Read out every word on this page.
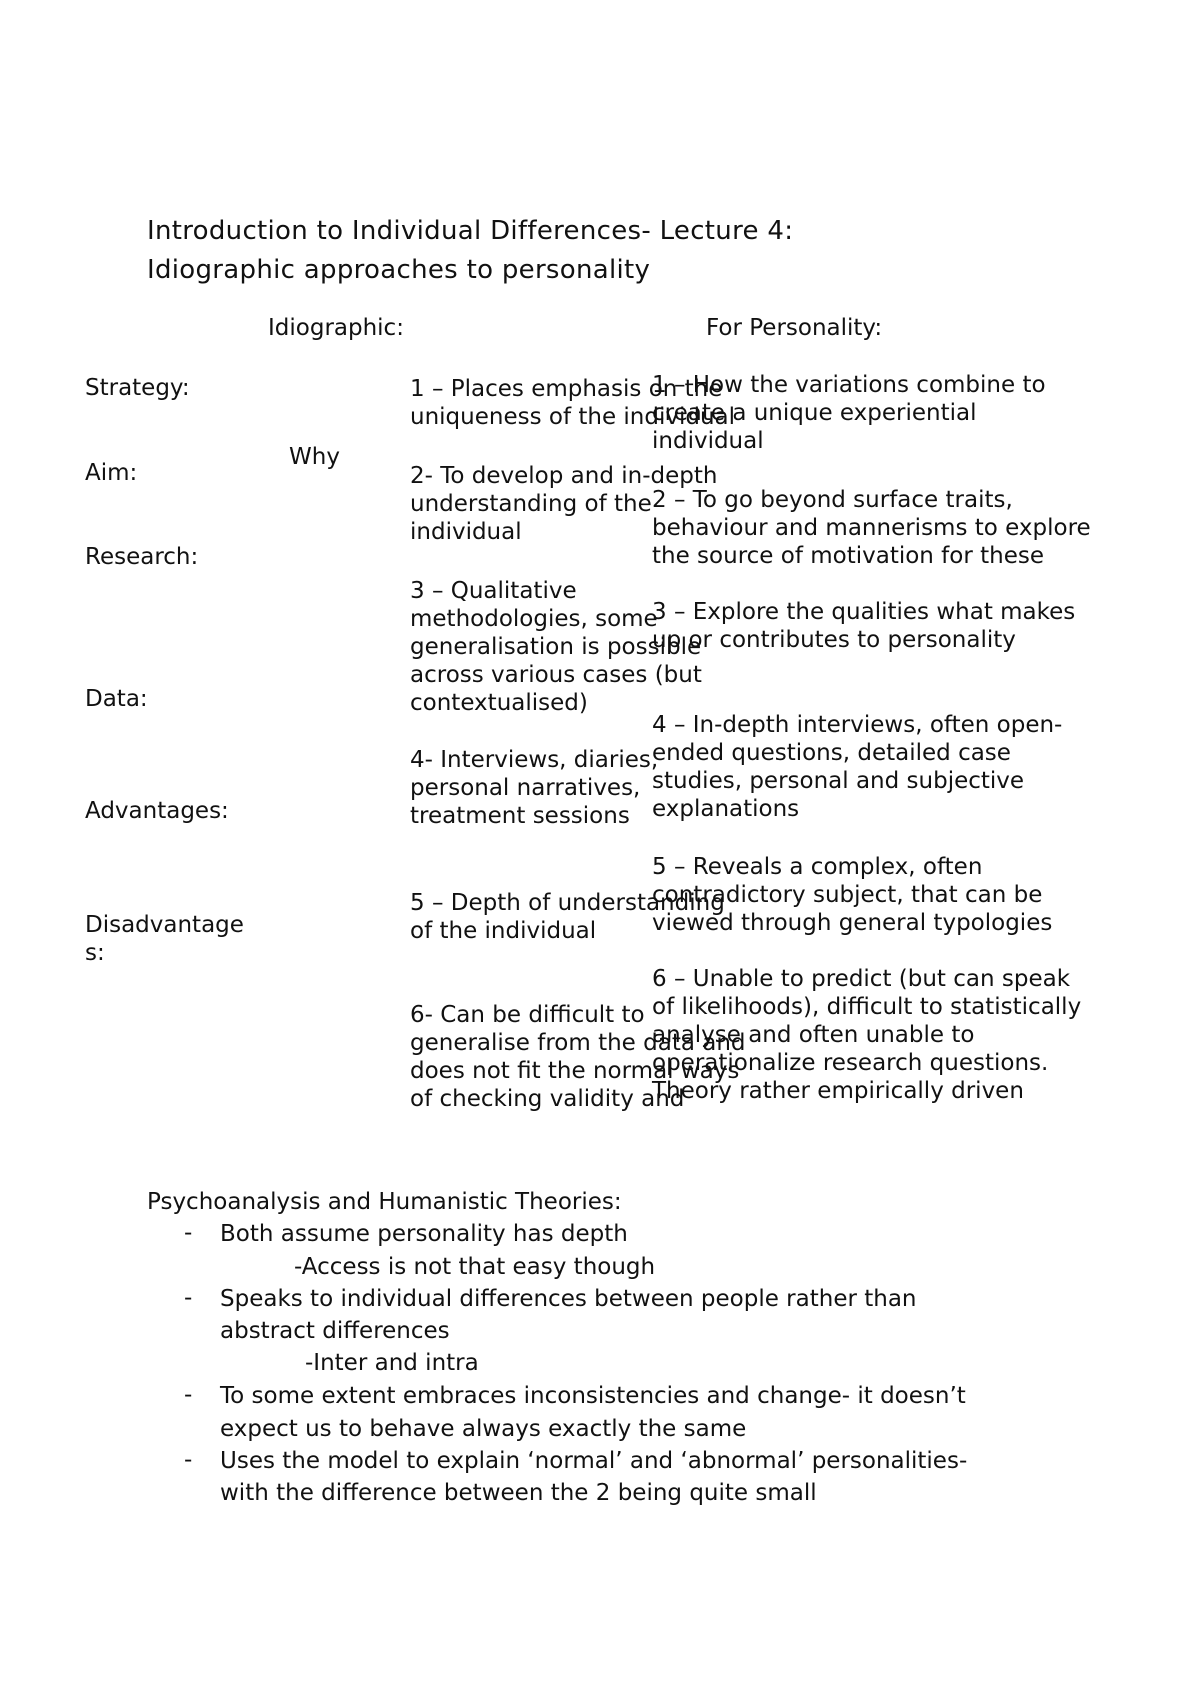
Introduction to Individual Differences- Lecture 4:
Idiographic approaches to personality
Idiographic:	For Personality:
Strategy:
Aim:
Why
Research:
Data:
Advantages:
Disadvantage
s:

1 – Places emphasis on the

uniqueness of the individual

2- To develop and in-depth

understanding of the

individual

3 – Qualitative

methodologies, some

generalisation is possible

across various cases (but

contextualised)

4- Interviews, diaries,

personal narratives,

treatment sessions

5 – Depth of understanding

of the individual

6- Can be difficult to

generalise from the data and

does not fit the normal ways

of checking validity and

1 – How the variations combine to

create a unique experiential

individual

2 – To go beyond surface traits,

behaviour and mannerisms to explore

the source of motivation for these

3 – Explore the qualities what makes

up or contributes to personality

4 – In-depth interviews, often open-

ended questions, detailed case

studies, personal and subjective

explanations

5 – Reveals a complex, often

contradictory subject, that can be

viewed through general typologies

6 – Unable to predict (but can speak

of likelihoods), difficult to statistically

analyse and often unable to

operationalize research questions.

Theory rather empirically driven

Psychoanalysis and Humanistic Theories:
- Both assume personality has depth
-Access is not that easy though
- Speaks to individual differences between people rather than
abstract differences
-Inter and intra
- To some extent embraces inconsistencies and change- it doesn’t
expect us to behave always exactly the same
- Uses the model to explain ‘normal’ and ‘abnormal’ personalities-
with the difference between the 2 being quite small
